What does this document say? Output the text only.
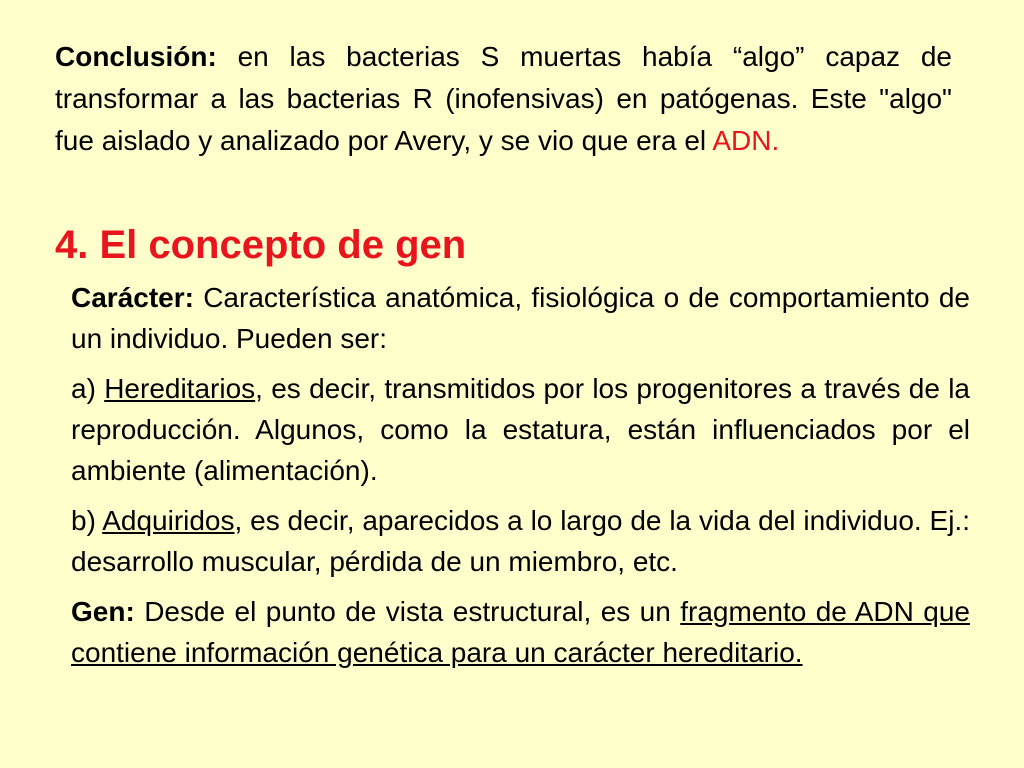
Conclusión: en las bacterias S muertas había “algo” capaz de transformar a las bacterias R (inofensivas) en patógenas. Este "algo" fue aislado y analizado por Avery, y se vio que era el ADN.

4. El concepto de gen

Carácter: Característica anatómica, fisiológica o de comportamiento de un individuo. Pueden ser:

a) Hereditarios, es decir, transmitidos por los progenitores a través de la reproducción. Algunos, como la estatura, están influenciados por el ambiente (alimentación).

b) Adquiridos, es decir, aparecidos a lo largo de la vida del individuo. Ej.: desarrollo muscular, pérdida de un miembro, etc.

Gen: Desde el punto de vista estructural, es un fragmento de ADN que contiene información genética para un carácter hereditario.
